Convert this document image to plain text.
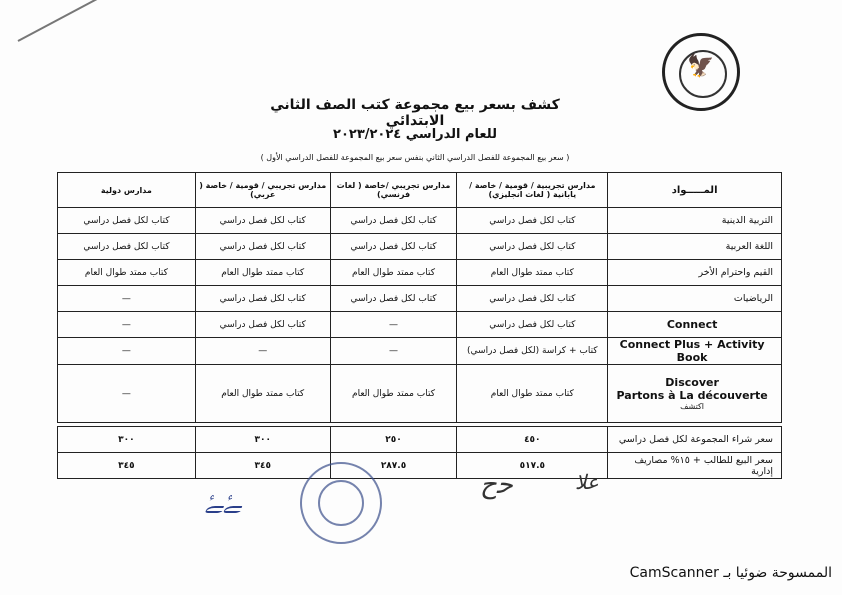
🦅
كشف بسعر بيع مجموعة كتب الصف الثاني الابتدائي
للعام الدراسي ٢٠٢٣/٢٠٢٤
( سعر بيع المجموعة للفصل الدراسي الثاني بنفس سعر بيع المجموعة للفصل الدراسي الأول )
المـــــواد	مدارس تجريبية / قومية / خاصة / يابانية ( لغات انجليزي)	مدارس تجريبي /خاصة ( لغات فرنسي)	مدارس تجريبي / قومية / خاصة ( عربي)	مدارس دولية

التربية الدينية	كتاب لكل فصل دراسي	كتاب لكل فصل دراسي	كتاب لكل فصل دراسي	كتاب لكل فصل دراسي

اللغة العربية	كتاب لكل فصل دراسي	كتاب لكل فصل دراسي	كتاب لكل فصل دراسي	كتاب لكل فصل دراسي

القيم واحترام الأخر	كتاب ممتد طوال العام	كتاب ممتد طوال العام	كتاب ممتد طوال العام	كتاب ممتد طوال العام

الرياضيات	كتاب لكل فصل دراسي	كتاب لكل فصل دراسي	كتاب لكل فصل دراسي	—

Connect	كتاب لكل فصل دراسي	—	كتاب لكل فصل دراسي	—

Connect Plus + Activity Book	كتاب + كراسة (لكل فصل دراسي)	—	—	—

Discover
Partons à La découverte
اكتشف	كتاب ممتد طوال العام	كتاب ممتد طوال العام	كتاب ممتد طوال العام	—

سعر شراء المجموعة لكل فصل دراسي	٤٥٠	٢٥٠	٣٠٠	٣٠٠
سعر البيع للطالب + ١٥% مصاريف إدارية	٥١٧.٥	٢٨٧.٥	٣٤٥	٣٤٥
ﮱﮱ	ﺣﺡ	ﻋﻼ
الممسوحة ضوئيا بـ CamScanner
